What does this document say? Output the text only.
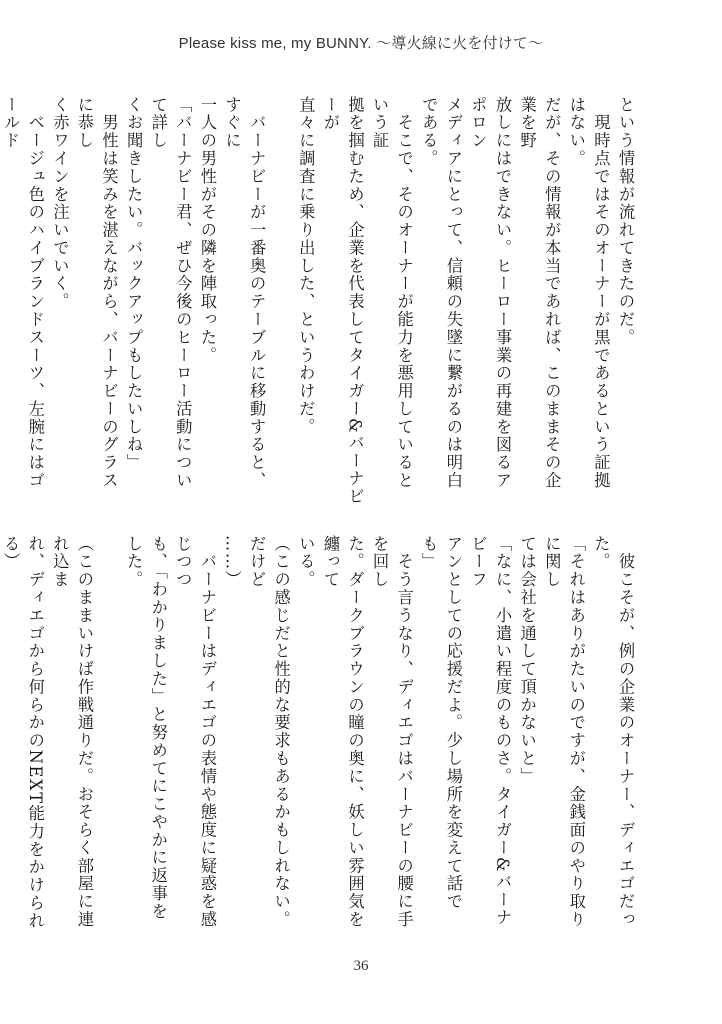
Please kiss me, my BUNNY. ～導火線に火を付けて～

という情報が流れてきたのだ。

　現時点ではそのオーナーが黒であるという証拠はない。

だが、その情報が本当であれば、このままその企業を野

放しにはできない。ヒーロー事業の再建を図るアポロン

メディアにとって、信頼の失墜に繋がるのは明白である。

　そこで、そのオーナーが能力を悪用しているという証

拠を掴むため、企業を代表してタイガー&バーナビーが

直々に調査に乗り出した、というわけだ。

　バーナビーが一番奥のテーブルに移動すると、すぐに

一人の男性がその隣を陣取った。

「バーナビー君、ぜひ今後のヒーロー活動について詳し

くお聞きしたい。バックアップもしたいしね」

　男性は笑みを湛えながら、バーナビーのグラスに恭し

く赤ワインを注いでいく。

　ベージュ色のハイブランドスーツ、左腕にはゴールド

　彼こそが、例の企業のオーナー、ディエゴだった。

「それはありがたいのですが、金銭面のやり取りに関し

ては会社を通して頂かないと」

「なに、小遣い程度のものさ。タイガー&バーナビーフ

アンとしての応援だよ。少し場所を変えて話でも」

　そう言うなり、ディエゴはバーナビーの腰に手を回し

た。ダークブラウンの瞳の奥に、妖しい雰囲気を纏って

いる。

（この感じだと性的な要求もあるかもしれない。だけど

……）

　バーナビーはディエゴの表情や態度に疑惑を感じつつ

も、「わかりました」と努めてにこやかに返事をした。

（このままいけば作戦通りだ。おそらく部屋に連れ込ま

れ、ディエゴから何らかのNEXT能力をかけられる）

36
